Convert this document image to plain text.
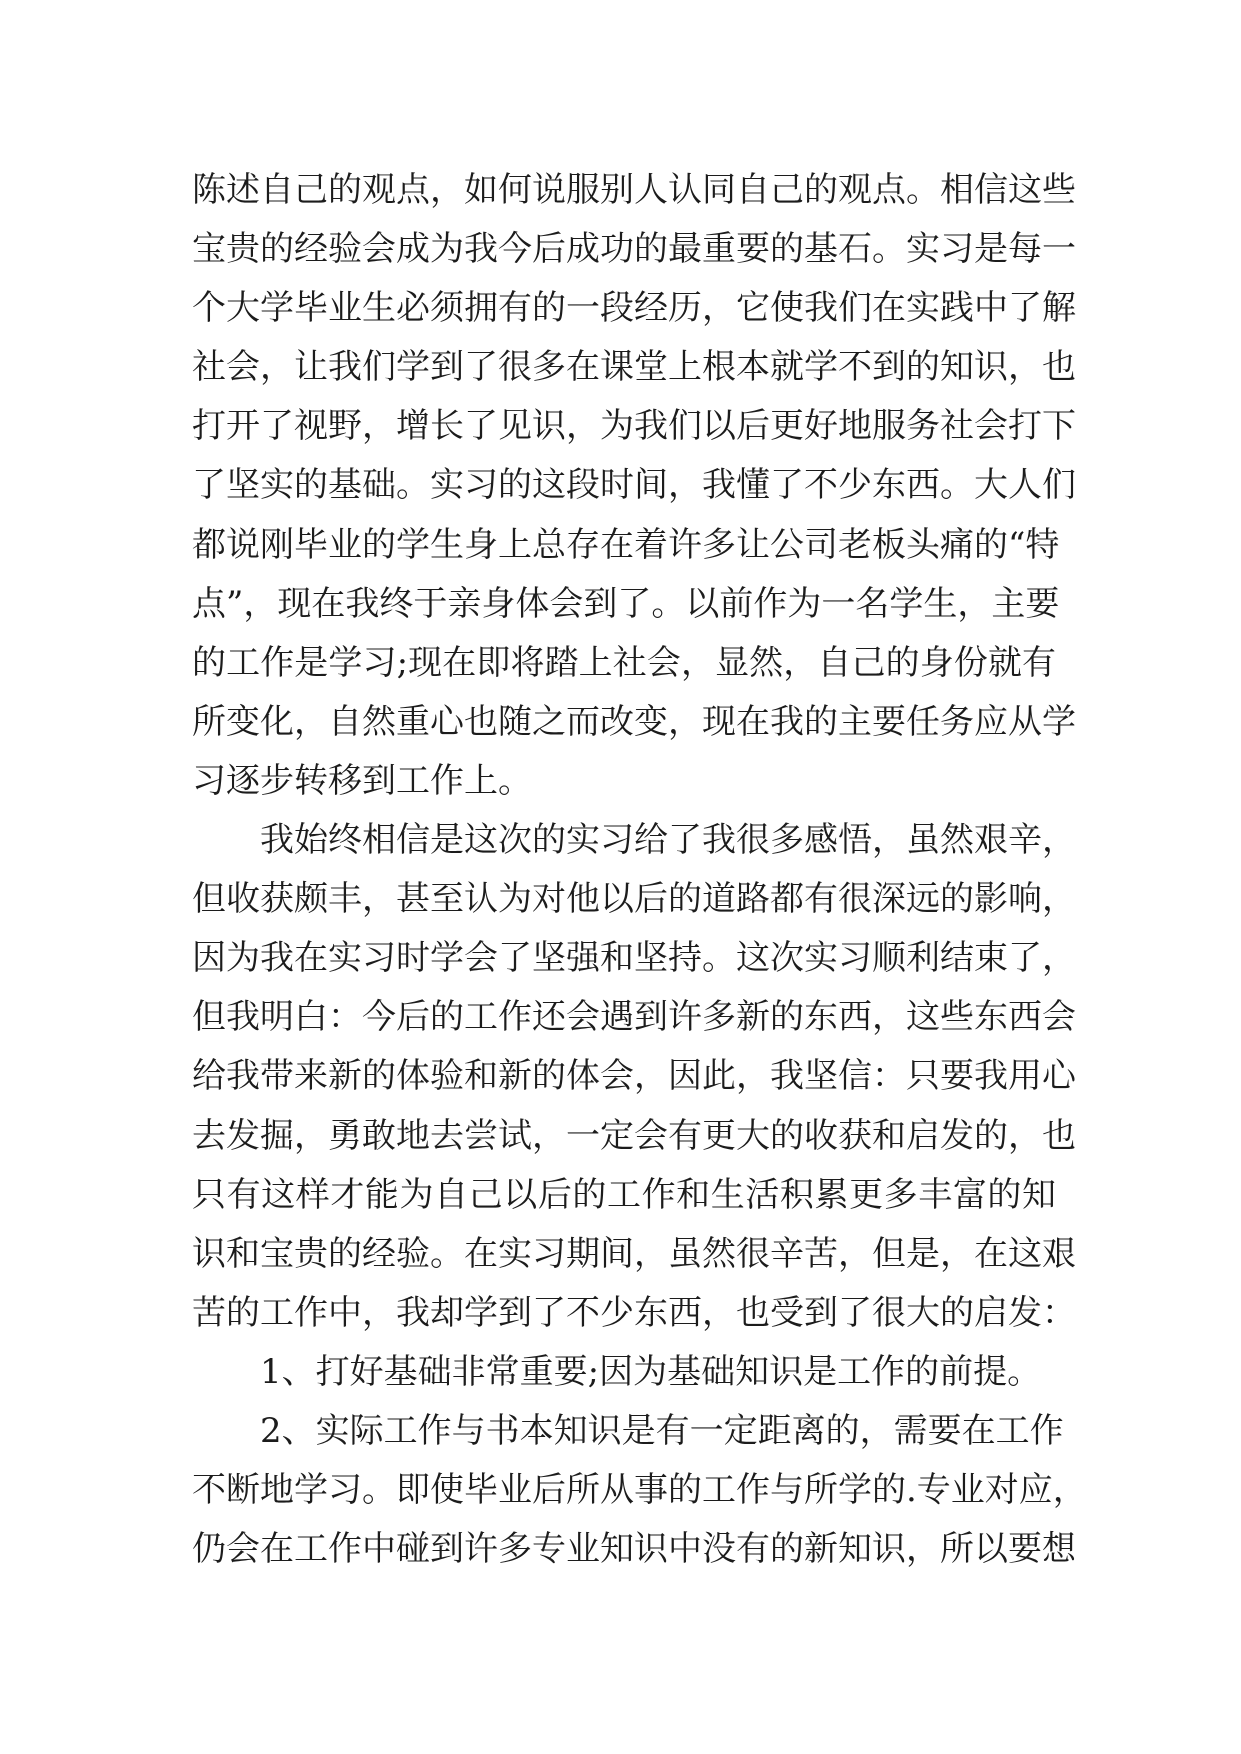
陈述自己的观点，如何说服别人认同自己的观点。相信这些
宝贵的经验会成为我今后成功的最重要的基石。实习是每一
个大学毕业生必须拥有的一段经历，它使我们在实践中了解
社会，让我们学到了很多在课堂上根本就学不到的知识，也
打开了视野，增长了见识，为我们以后更好地服务社会打下
了坚实的基础。实习的这段时间，我懂了不少东西。大人们
都说刚毕业的学生身上总存在着许多让公司老板头痛的“特
点”，现在我终于亲身体会到了。以前作为一名学生，主要
的工作是学习;现在即将踏上社会，显然，自己的身份就有
所变化，自然重心也随之而改变，现在我的主要任务应从学
习逐步转移到工作上。
我始终相信是这次的实习给了我很多感悟，虽然艰辛，
但收获颇丰，甚至认为对他以后的道路都有很深远的影响，
因为我在实习时学会了坚强和坚持。这次实习顺利结束了，
但我明白：今后的工作还会遇到许多新的东西，这些东西会
给我带来新的体验和新的体会，因此，我坚信：只要我用心
去发掘，勇敢地去尝试，一定会有更大的收获和启发的，也
只有这样才能为自己以后的工作和生活积累更多丰富的知
识和宝贵的经验。在实习期间，虽然很辛苦，但是，在这艰
苦的工作中，我却学到了不少东西，也受到了很大的启发：
1、打好基础非常重要;因为基础知识是工作的前提。
2、实际工作与书本知识是有一定距离的，需要在工作
不断地学习。即使毕业后所从事的工作与所学的.专业对应，
仍会在工作中碰到许多专业知识中没有的新知识，所以要想
